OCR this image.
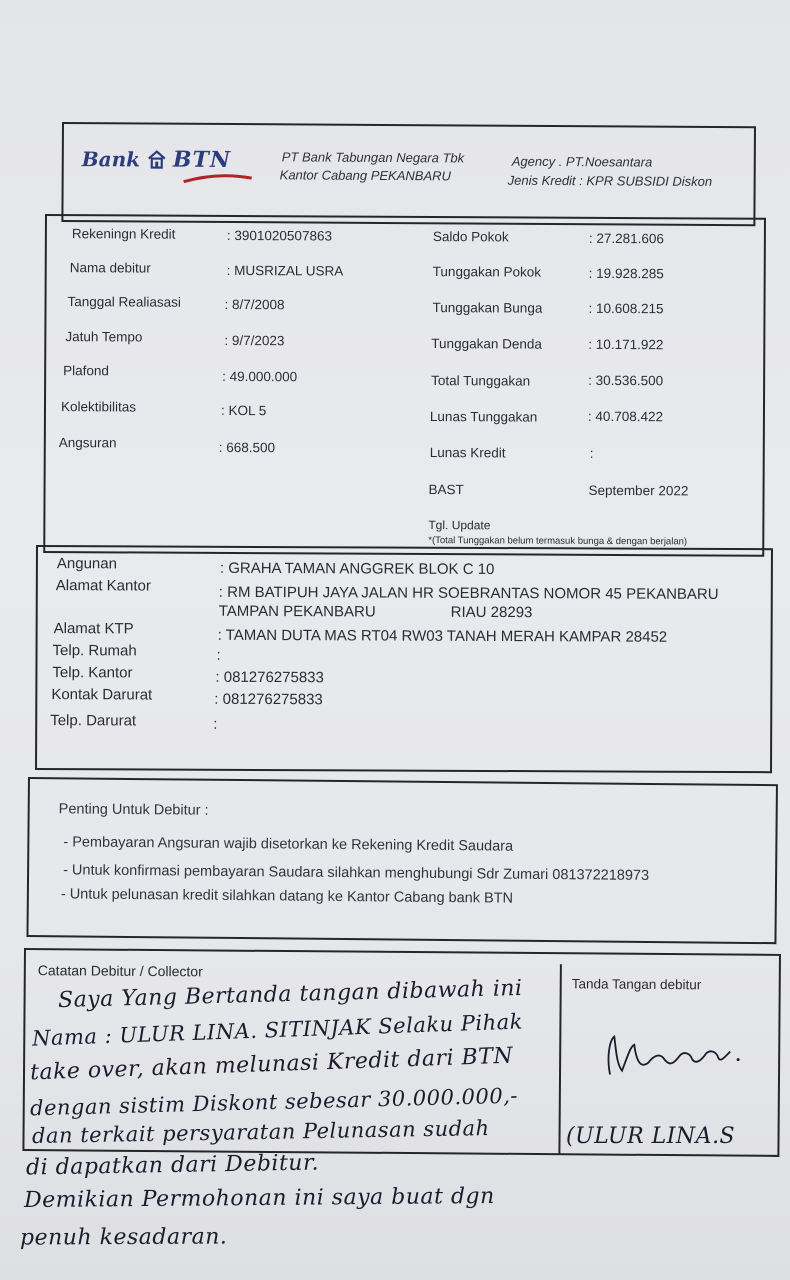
Bank BTN	PT Bank Tabungan Negara Tbk
Kantor Cabang PEKANBARU
Agency . PT.Noesantara
Jenis Kredit : KPR SUBSIDI Diskon
Rekeningn Kredit	: 3901020507863
Nama debitur	: MUSRIZAL USRA
Tanggal Realiasasi	: 8/7/2008
Jatuh Tempo	: 9/7/2023
Plafond	: 49.000.000
Kolektibilitas	: KOL 5
Angsuran	: 668.500
Saldo Pokok	: 27.281.606
Tunggakan Pokok	: 19.928.285
Tunggakan Bunga	: 10.608.215
Tunggakan Denda	: 10.171.922
Total Tunggakan	: 30.536.500
Lunas Tunggakan	: 40.708.422
Lunas Kredit	:
BAST	September 2022
Tgl. Update
*(Total Tunggakan belum termasuk bunga & dengan berjalan)
Angunan	: GRAHA TAMAN ANGGREK BLOK C 10
Alamat Kantor	: RM BATIPUH JAYA JALAN HR SOEBRANTAS NOMOR 45 PEKANBARU
TAMPAN PEKANBARU                  RIAU 28293
Alamat KTP	: TAMAN DUTA MAS RT04 RW03 TANAH MERAH KAMPAR 28452
Telp. Rumah	:
Telp. Kantor	: 081276275833
Kontak Darurat	: 081276275833
Telp. Darurat	:
Penting Untuk Debitur :
- Pembayaran Angsuran wajib disetorkan ke Rekening Kredit Saudara
- Untuk konfirmasi pembayaran Saudara silahkan menghubungi Sdr Zumari 081372218973
- Untuk pelunasan kredit silahkan datang ke Kantor Cabang bank BTN
Catatan Debitur / Collector
Tanda Tangan debitur
Saya Yang Bertanda tangan dibawah ini
Nama : ULUR LINA. SITINJAK Selaku Pihak
take over, akan melunasi Kredit dari BTN
dengan sistim Diskont sebesar 30.000.000,-
dan terkait persyaratan Pelunasan sudah	(ULUR LINA.S
di dapatkan dari Debitur.
Demikian Permohonan ini saya buat dgn
penuh kesadaran.
